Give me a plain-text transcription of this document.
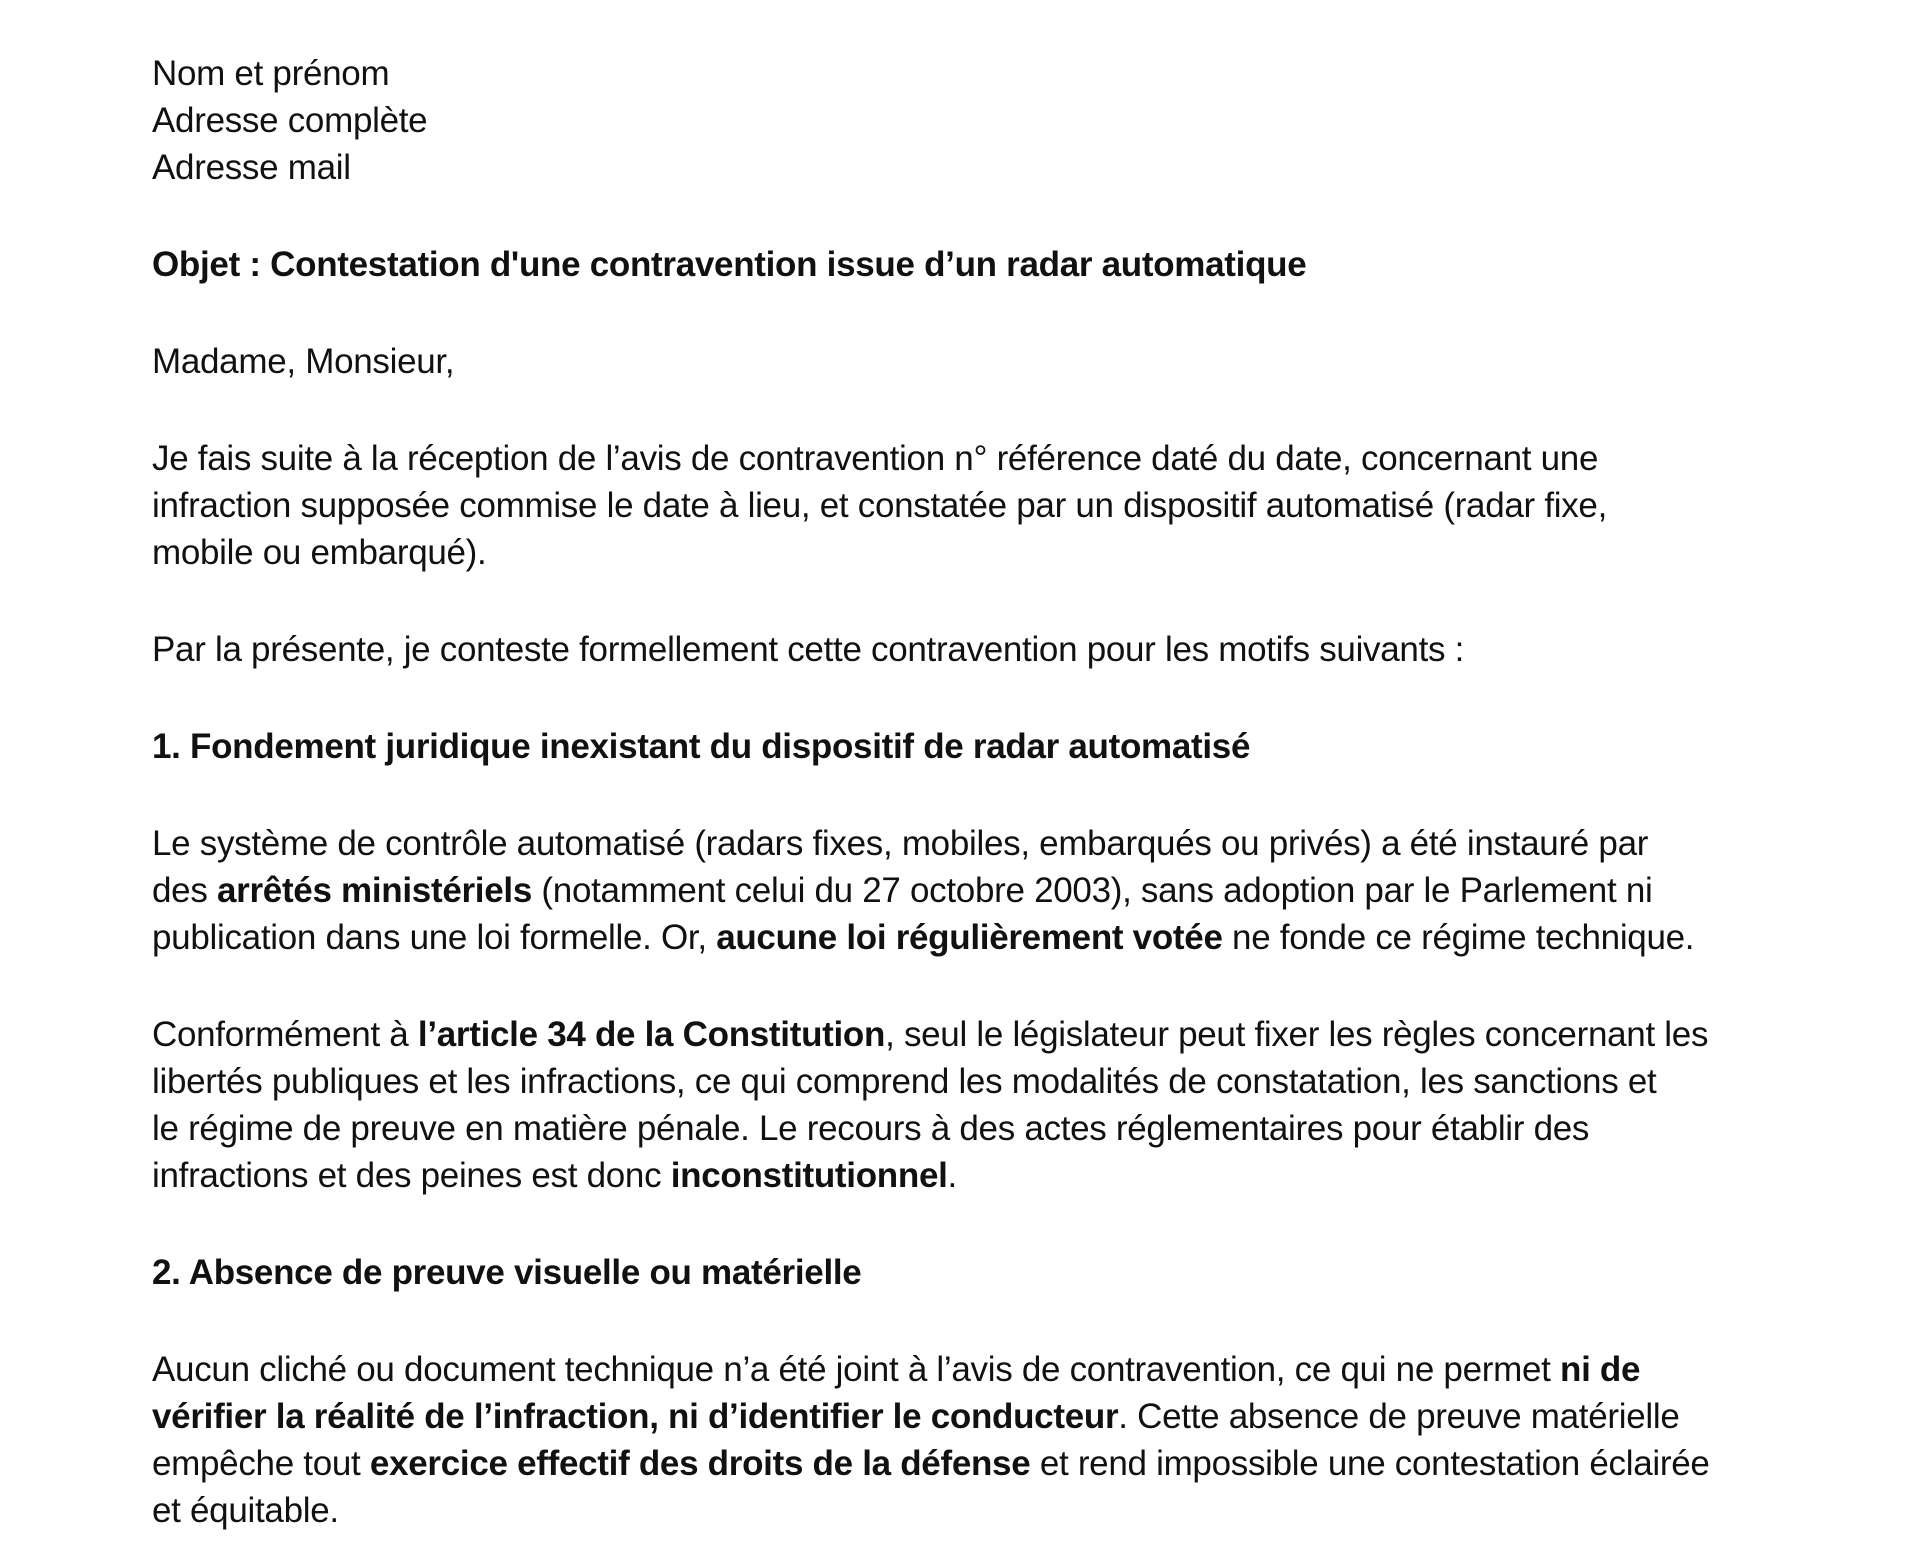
Nom et prénom
Adresse complète
Adresse mail
Objet : Contestation d'une contravention issue d’un radar automatique
Madame, Monsieur,
Je fais suite à la réception de l’avis de contravention n° référence daté du date, concernant une
infraction supposée commise le date à lieu, et constatée par un dispositif automatisé (radar fixe,
mobile ou embarqué).
Par la présente, je conteste formellement cette contravention pour les motifs suivants :
1. Fondement juridique inexistant du dispositif de radar automatisé
Le système de contrôle automatisé (radars fixes, mobiles, embarqués ou privés) a été instauré par
des arrêtés ministériels (notamment celui du 27 octobre 2003), sans adoption par le Parlement ni
publication dans une loi formelle. Or, aucune loi régulièrement votée ne fonde ce régime technique.
Conformément à l’article 34 de la Constitution, seul le législateur peut fixer les règles concernant les
libertés publiques et les infractions, ce qui comprend les modalités de constatation, les sanctions et
le régime de preuve en matière pénale. Le recours à des actes réglementaires pour établir des
infractions et des peines est donc inconstitutionnel.
2. Absence de preuve visuelle ou matérielle
Aucun cliché ou document technique n’a été joint à l’avis de contravention, ce qui ne permet ni de
vérifier la réalité de l’infraction, ni d’identifier le conducteur. Cette absence de preuve matérielle
empêche tout exercice effectif des droits de la défense et rend impossible une contestation éclairée
et équitable.
